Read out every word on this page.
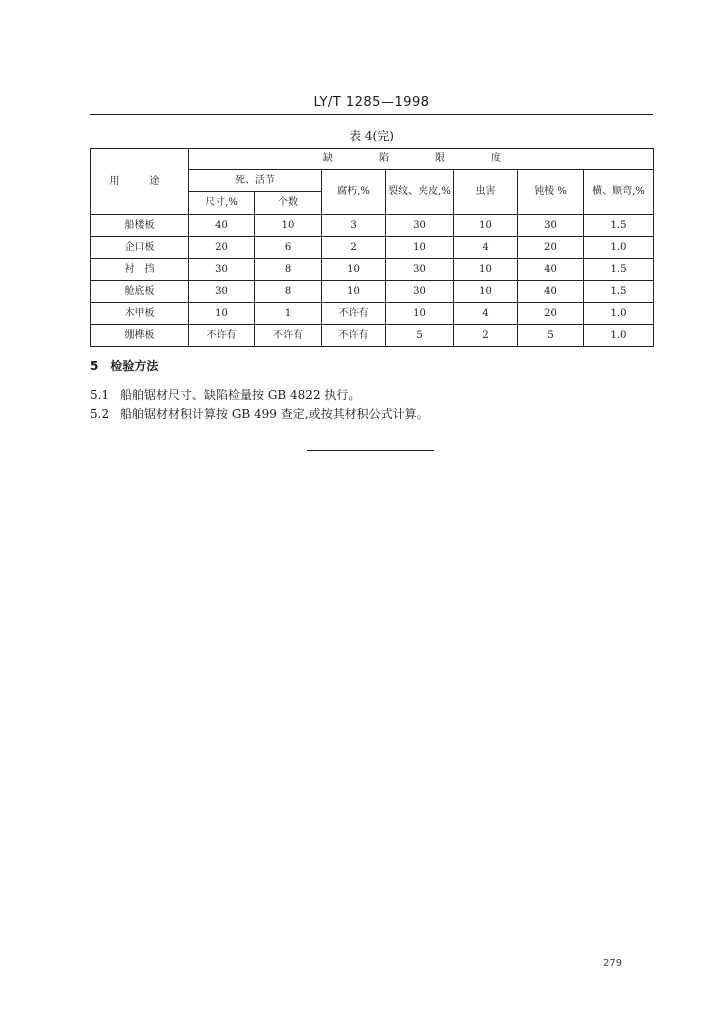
LY/T 1285—1998
表 4(完)
用　途	缺　陷　限　度						
	死、活节		腐朽,%	裂纹、夹皮,%	虫害	钝棱 %	横、顺弯,%
	尺寸,%	个数					
船楼板	40	10	3	30	10	30	1.5
企口板	20	6	2	10	4	20	1.0
衬　挡	30	8	10	30	10	40	1.5
舱底板	30	8	10	30	10	40	1.5
木甲板	10	1	不许有	10	4	20	1.0
绷榫板	不许有	不许有	不许有	5	2	5	1.0
5　检验方法
5.1 船舶锯材尺寸、缺陷检量按 GB 4822 执行。
5.2 船舶锯材材积计算按 GB 499 查定,或按其材积公式计算。
279
